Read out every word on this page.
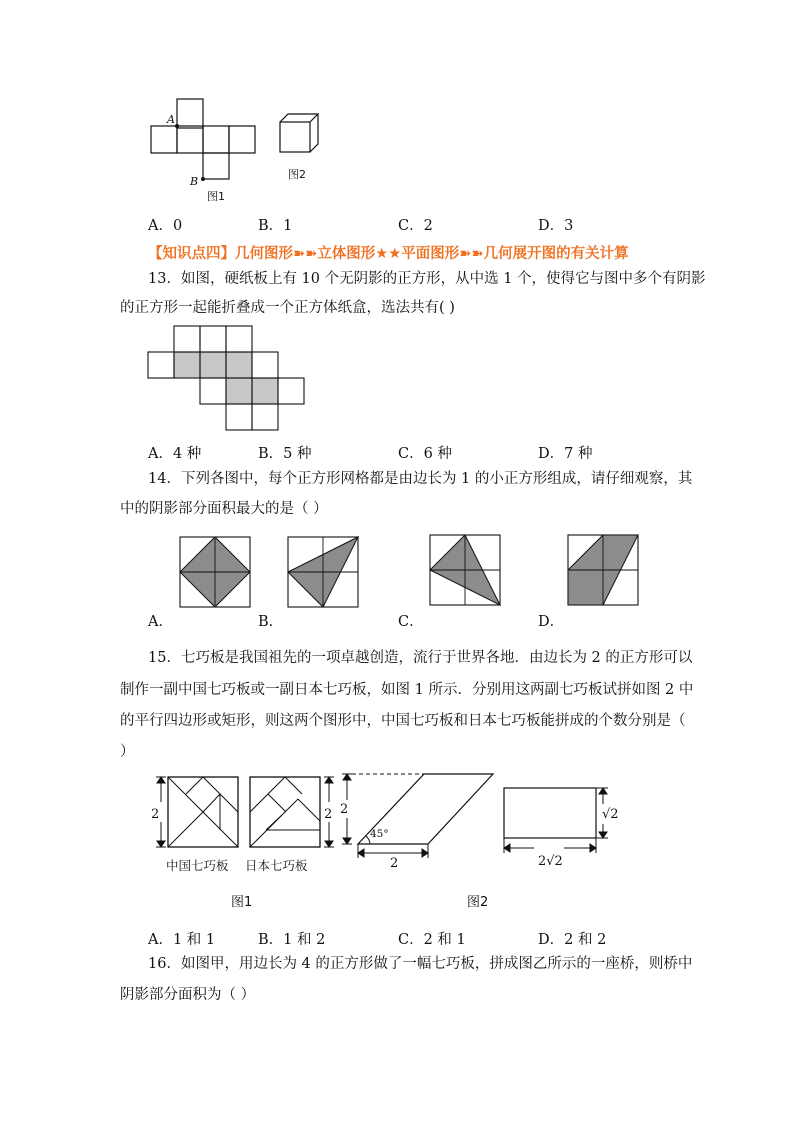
A
B
图1
图2
A．0	B．1	C．2	D．3
【知识点四】几何图形➽➽立体图形★★平面图形➽➽几何展开图的有关计算
13．如图，硬纸板上有 10 个无阴影的正方形，从中选 1 个，使得它与图中多个有阴影
的正方形一起能折叠成一个正方体纸盒，选法共有( )
A．4 种	B．5 种	C．6 种	D．7 种
14．下列各图中，每个正方形网格都是由边长为 1 的小正方形组成，请仔细观察，其
中的阴影部分面积最大的是（ ）
A．	B．	C．	D．
15．七巧板是我国祖先的一项卓越创造，流行于世界各地．由边长为 2 的正方形可以
制作一副中国七巧板或一副日本七巧板，如图 1 所示．分别用这两副七巧板试拼如图 2 中
的平行四边形或矩形，则这两个图形中，中国七巧板和日本七巧板能拼成的个数分别是（
）
2
中国七巧板
2
日本七巧板
2
45°
2
√2
2√2
图1	图2
A．1 和 1	B．1 和 2	C．2 和 1	D．2 和 2
16．如图甲，用边长为 4 的正方形做了一幅七巧板，拼成图乙所示的一座桥，则桥中
阴影部分面积为（ ）
